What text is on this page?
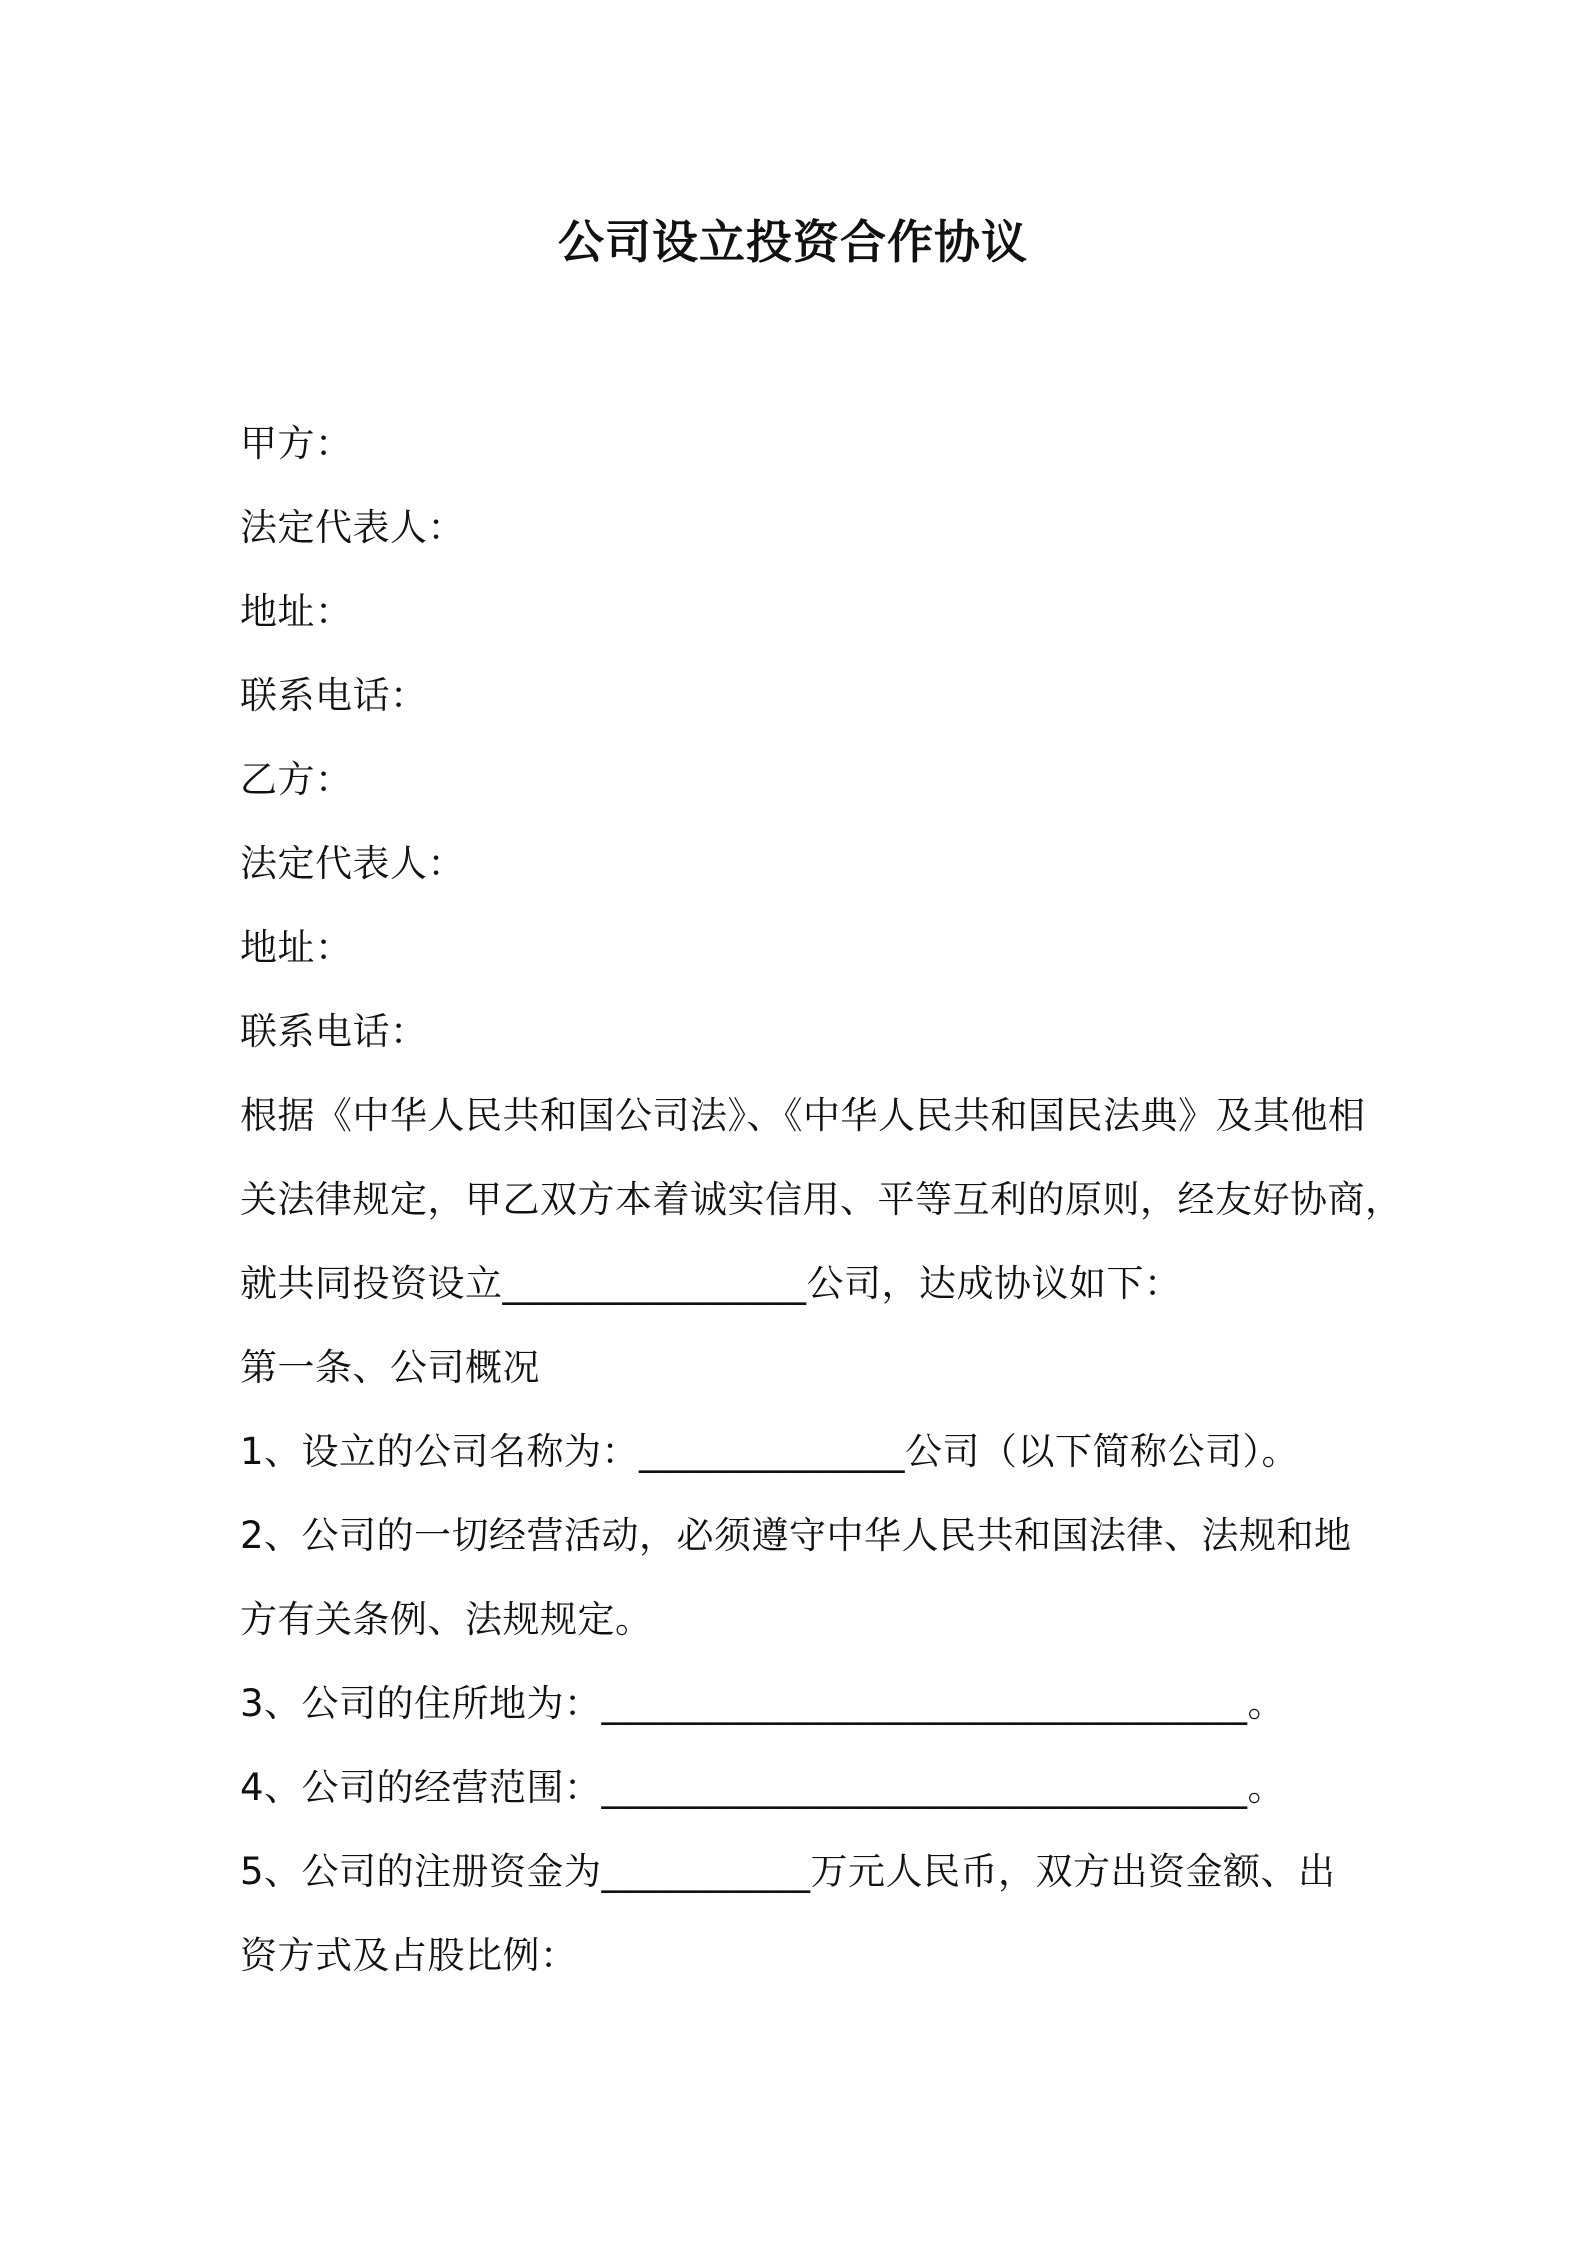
公司设立投资合作协议
甲方：
法定代表人：
地址：
联系电话：
乙方：
法定代表人：
地址：
联系电话：
根据《中华人民共和国公司法》、《中华人民共和国民法典》及其他相
关法律规定，甲乙双方本着诚实信用、平等互利的原则，经友好协商，
就共同投资设立________________公司，达成协议如下：
第一条、公司概况
1、设立的公司名称为：______________公司（以下简称公司）。
2、公司的一切经营活动，必须遵守中华人民共和国法律、法规和地
方有关条例、法规规定。
3、公司的住所地为：__________________________________。
4、公司的经营范围：__________________________________。
5、公司的注册资金为___________万元人民币，双方出资金额、出
资方式及占股比例：
